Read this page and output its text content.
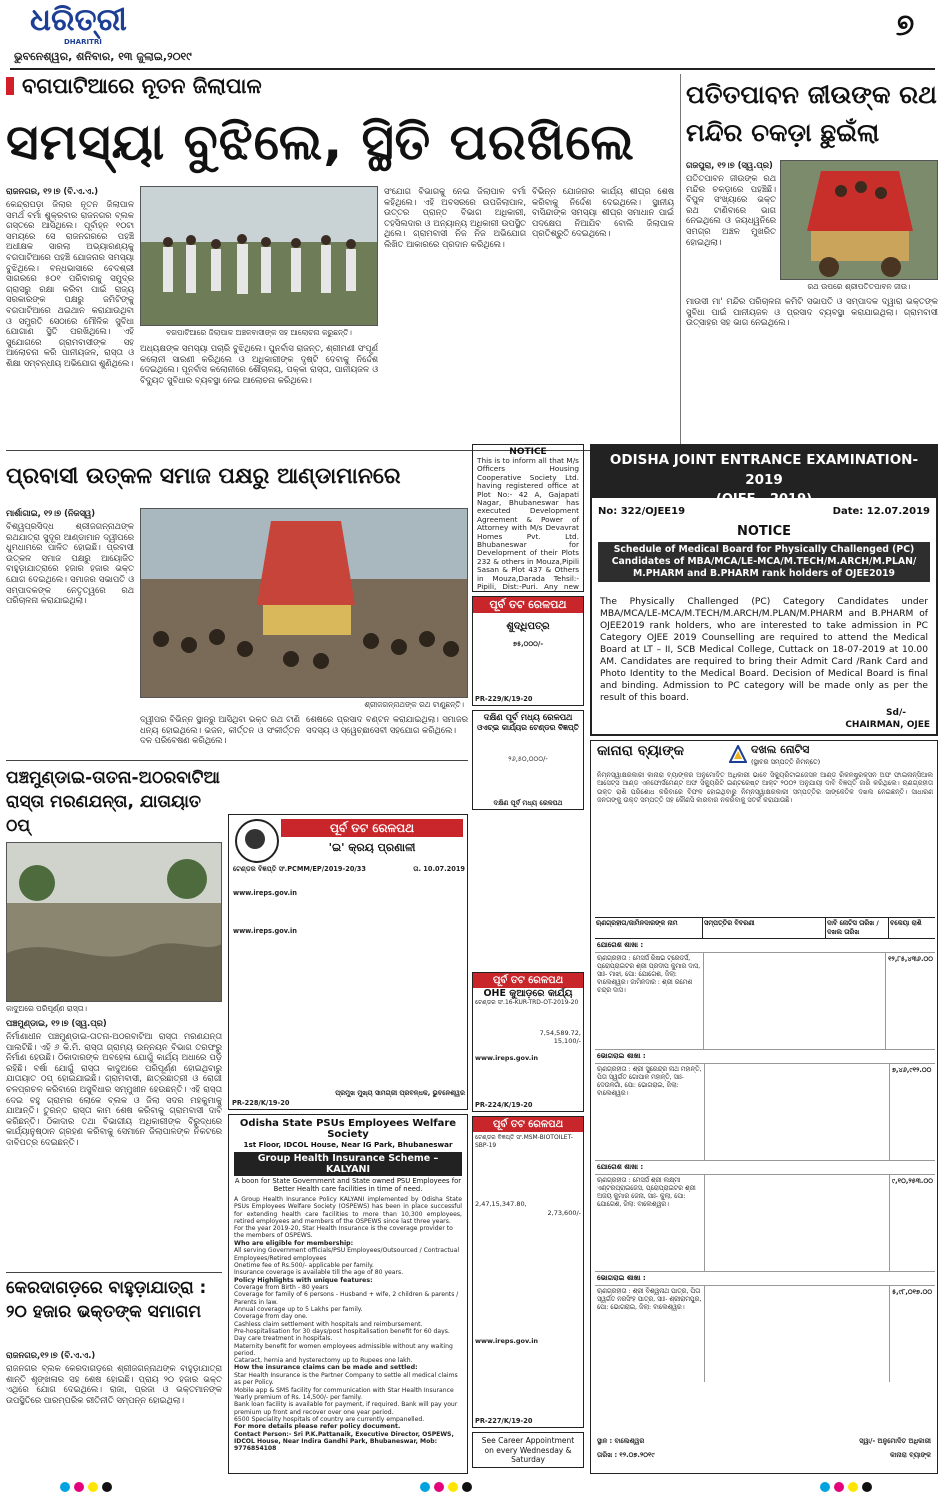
ଧରିତ୍ରୀ
DHARITRI
ଭୁବନେଶ୍ୱର, ଶନିବାର, ୧୩ ଜୁଲାଇ,୨୦୧୯
୭
ବଗପାଟିଆରେ ନୂତନ ଜିଲାପାଳ
ସମସ୍ୟା ବୁଝିଲେ, ସ୍ଥିତି ପରଖିଲେ
ରାଜନଗର, ୧୨।୭ (ବି.ଏ.ଏ.)
କେନ୍ଦ୍ରାପଡ଼ା ଜିଲାର ନୂତନ ଜିଲାପାଳ ସମର୍ଥ ବର୍ମା ଶୁକ୍ରବାର ରାଜନଗର ବ୍ଲକ ଗସ୍ତରେ ଆସିଥିଲେ। ପୂର୍ବାହ୍ନ ୧୦ଟା ସମୟରେ ସେ ରାଜନଗରରେ ପହଞ୍ଚି ଅଧୀକ୍ଷକ ସାରଲା ଅଭ୍ୟାରଣ୍ୟକୁ ବଗପାଟିଆରେ ପହଞ୍ଚି ଯୋଜନାର ସମସ୍ୟା ବୁଝିଥିଲେ। ବନ୍ଧଭାସାରେ ବେଦଶ୍ରୀ ସାଗରରେ ୫୦୧ ପରିବାରକୁ ସମୁଦ୍ର ଗ୍ରାସରୁ ରକ୍ଷା କରିବା ପାଇଁ ରାଜ୍ୟ ସରକାରଙ୍କ ପକ୍ଷରୁ ଜମିଟିଙ୍କୁ ବଗପାଟିଆରେ ଥଇଥାନ କରାଯାଉଥିବା ଓ ସମ୍ପ୍ରତି ସେଠାରେ ମୌଳିକ ସୁବିଧା ଯୋଗାଣ ସ୍ଥିତି ପରଖିଥିଲେ। ଏହି ସୁଯୋଗରେ ଗ୍ରାମବାସୀଙ୍କ ସହ ଆଲୋଚନା କରି ପାନୀୟଜଳ, ରାସ୍ତା ଓ ଶିକ୍ଷା ସମ୍ବନ୍ଧୀୟ ଅଭିଯୋଗ ଶୁଣିଥିଲେ।
ବଗପାଟିଆରେ ଜିଲାପାଳ ଅଞ୍ଚଳବାସୀଙ୍କ ସହ ଆଲୋଚନା କରୁଛନ୍ତି।
ଅଧ୍ୟକ୍ଷଙ୍କ ସମସ୍ୟା ପଚାରି ବୁଝିଥିଲେ। ପୁନର୍ବାସ ରାଜନ୍ତ, ଶ୍ରୀମଣୀ ସଂପୂର୍ଣ କଲୋନୀ ସାରଣୀ କରିଥିଲେ ଓ ଅଧିକାରୀଙ୍କ ଦୃଷ୍ଟି ଦେବାକୁ ନିର୍ଦ୍ଦେଶ ଦେଇଥିଲେ। ପୂନର୍ବାସ କଲୋନୀରେ ଶୌଚାଳୟ, ପକ୍କା ରାସ୍ତା, ପାନୀୟଜଳ ଓ ବିଦ୍ୟୁତ ସୁବିଧାର ବ୍ୟବସ୍ଥା ନେଇ ଆଲୋଚନା କରିଥିଲେ।
ସଂଯୋଗ ବିଭାଗକୁ ନେଇ ଜିଲାପାଳ ବର୍ମା କହିଥିଲେ। ଏହି ଅବସରରେ ଉପଜିଲାପାଳ, ଉତ୍ତର ପ୍ରାନ୍ତ ବିଭାଗ ଅଧିକାରୀ, ତହସିଲଦାର ଓ ଅନ୍ୟାନ୍ୟ ଅଧିକାରୀ ଉପସ୍ଥିତ ଥିଲେ। ଗ୍ରାମବାସୀ ନିଜ ନିଜ ଅଭିଯୋଗ ଲିଖିତ ଆକାରରେ ପ୍ରଦାନ କରିଥିଲେ।
ବିଭିନ୍ନ ଯୋଜନାର କାର୍ଯ୍ୟ ଶୀଘ୍ର ଶେଷ କରିବାକୁ ନିର୍ଦ୍ଦେଶ ଦେଇଥିଲେ। ସ୍ଥାନୀୟ ବାସିନ୍ଦାଙ୍କ ସମସ୍ୟା ଶୀଘ୍ର ସମାଧାନ ପାଇଁ ପଦକ୍ଷେପ ନିଆଯିବ ବୋଲି ଜିଲାପାଳ ପ୍ରତିଶ୍ରୁତି ଦେଇଥିଲେ।
ପତିତପାବନ ଜୀଉଙ୍କ ରଥ ମନ୍ଦିର ଚକଡ଼ା ଛୁଇଁଲା
ଗଜପୁରା, ୧୨।୭ (ସ୍ୱ.ପ୍ର)
ପତିତପାବନ ଜୀଉଙ୍କ ରଥ ମନ୍ଦିର ଚକଡ଼ାରେ ପହଞ୍ଚିଛି। ବିପୁଳ ସଂଖ୍ୟାରେ ଭକ୍ତ ରଥ ଟାଣିବାରେ ଭାଗ ନେଇଥିଲେ ଓ ଜୟଧ୍ୱନିରେ ସମଗ୍ର ଅଞ୍ଚଳ ମୁଖରିତ ହୋଇଥିଲା।
ରଥ ଉପରେ ଶ୍ରୀପତିତପାବନ ଜୀଉ।
ମାଉସୀ ମା' ମନ୍ଦିର ପରିଚାଳନା କମିଟି ସଭାପତି ଓ ସମ୍ପାଦକ ଦ୍ୱାରା ଭକ୍ତଙ୍କ ସୁବିଧା ପାଇଁ ପାନୀୟଜଳ ଓ ପ୍ରସାଦ ବ୍ୟବସ୍ଥା କରାଯାଇଥିଲା। ଗ୍ରାମବାସୀ ଉତ୍ସାହର ସହ ଭାଗ ନେଇଥିଲେ।
ପ୍ରବାସୀ ଉତ୍କଳ ସମାଜ ପକ୍ଷରୁ ଆଣ୍ଡାମାନରେ
ମାର୍ଶାଗାଇ, ୧୨।୭ (ନିଜସ୍ୱ)
ବିଶ୍ୱପ୍ରସିଦ୍ଧ ଶ୍ରୀଜଗନ୍ନାଥଙ୍କ ରଥଯାତ୍ରା ସୁଦୂର ଆଣ୍ଡାମାନ ଦ୍ୱୀପରେ ଧୁମଧାମରେ ପାଳିତ ହୋଇଛି। ପ୍ରବାସୀ ଉତ୍କଳ ସମାଜ ପକ୍ଷରୁ ଆୟୋଜିତ ବାହୁଡ଼ାଯାତ୍ରାରେ ହଜାର ହଜାର ଭକ୍ତ ଯୋଗ ଦେଇଥିଲେ। ସମାଜର ସଭାପତି ଓ ସମ୍ପାଦକଙ୍କ ନେତୃତ୍ୱରେ ରଥ ପରିଚାଳନା କରାଯାଇଥିଲା।
ଶ୍ରୀଜଗନ୍ନାଥଙ୍କ ରଥ ଟାଣୁଛନ୍ତି।
ଦ୍ୱୀପର ବିଭିନ୍ନ ସ୍ଥାନରୁ ଆସିଥିବା ଭକ୍ତ ରଥ ଟାଣି ଧନ୍ୟ ହୋଇଥିଲେ। ଭଜନ, କୀର୍ତ୍ତନ ଓ ସଂକୀର୍ତ୍ତନ ଦଳ ପରିବେଷଣ କରିଥିଲେ।
ଶେଷରେ ପ୍ରସାଦ ବଣ୍ଟନ କରାଯାଇଥିଲା। ସମାଜର ସଦସ୍ୟ ଓ ସ୍ୱେଚ୍ଛାସେବୀ ସହଯୋଗ କରିଥିଲେ।
ପଞ୍ଚମୁଣ୍ଡାଇ-ତାତନା-ଅଠରବାଟିଆ ରାସ୍ତା ମରଣଯନ୍ତା, ଯାତାୟାତ ଠପ୍
କାଦୁଅରେ ପରିପୂର୍ଣ୍ଣ ରାସ୍ତା।
ପଞ୍ଚମୁଣ୍ଡାଇ, ୧୨।୭ (ସ୍ୱ.ପ୍ର)
ନିର୍ମାଣାଧୀନ ପଞ୍ଚମୁଣ୍ଡାଇ-ତାତନା-ଅଠରବାଟିଆ ରାସ୍ତା ମରଣଯନ୍ତା ପାଲଟିଛି। ଏହି ୬ କି.ମି. ରାସ୍ତା ଗ୍ରାମ୍ୟ ଉନ୍ନୟନ ବିଭାଗ ତରଫରୁ ନିର୍ମାଣ ହେଉଛି। ଠିକାଦାରଙ୍କ ଅବହେଳା ଯୋଗୁଁ କାର୍ଯ୍ୟ ଅଧାରେ ପଡ଼ି ରହିଛି। ବର୍ଷା ଯୋଗୁଁ ରାସ୍ତା କାଦୁଅରେ ପରିପୂର୍ଣ୍ଣ ହୋଇଥିବାରୁ ଯାତାୟାତ ଠପ୍ ହୋଇଯାଇଛି। ଗ୍ରାମବାସୀ, ଛାତ୍ରଛାତ୍ରୀ ଓ ରୋଗୀ ଚଳପ୍ରଚଳ କରିବାରେ ଅସୁବିଧାର ସମ୍ମୁଖୀନ ହେଉଛନ୍ତି। ଏହି ରାସ୍ତା ଦେଇ ବହୁ ଗ୍ରାମର ଲୋକେ ବ୍ଲକ ଓ ଜିଲା ସଦର ମହକୁମାକୁ ଯାଆନ୍ତି। ତୁରନ୍ତ ରାସ୍ତା କାମ ଶେଷ କରିବାକୁ ଗ୍ରାମବାସୀ ଦାବି କରିଛନ୍ତି। ଠିକାଦାର ତଥା ବିଭାଗୀୟ ଅଧିକାରୀଙ୍କ ବିରୁଦ୍ଧରେ କାର୍ଯ୍ୟାନୁଷ୍ଠାନ ଗ୍ରହଣ କରିବାକୁ ସେମାନେ ଜିଲାପାଳଙ୍କ ନିକଟରେ ଦାବିପତ୍ର ଦେଇଛନ୍ତି।
କେରଦାଗଡ଼ରେ ବାହୁଡ଼ାଯାତ୍ରା : ୨୦ ହଜାର ଭକ୍ତଙ୍କ ସମାଗମ
ରାଜନଗର,୧୨।୭ (ବି.ଏ.ଏ.)
ରାଜନଗର ବ୍ଲକ କେରଦାଗଡ଼ରେ ଶ୍ରୀଜଗନ୍ନାଥଙ୍କ ବାହୁଡ଼ାଯାତ୍ରା ଶାନ୍ତି ଶୃଙ୍ଖଳାର ସହ ଶେଷ ହୋଇଛି। ପ୍ରାୟ ୨୦ ହଜାର ଭକ୍ତ ଏଥିରେ ଯୋଗ ଦେଇଥିଲେ। ରାଜା, ପ୍ରଜା ଓ ଭକ୍ତମାନଙ୍କ ଉପସ୍ଥିତିରେ ପାରମ୍ପରିକ ରୀତିନୀତି ସମ୍ପନ୍ନ ହୋଇଥିଲା।
NOTICE
This is to inform all that M/s Officers Housing Cooperative Society Ltd. having registered office at Plot No:- 42 A, Gajapati Nagar, Bhubaneswar has executed Development Agreement & Power of Attorney with M/s Devavrat Homes Pvt. Ltd. Bhubaneswar for Development of their Plots 232 & others in Mouza,Pipili Sasan & Plot 437 & Others in Mouza,Darada Tehsil:- Pipili, Dist:-Puri. Any new
ପୂର୍ବ ତଟ ରେଳପଥ
ଶୁଦ୍ଧିପତ୍ର
୭୫,୦୦୦/-
PR-229/K/19-20
ଦକ୍ଷିଣ ପୂର୍ବ ମଧ୍ୟ ରେଳପଥ
ଓଏଚ୍‌ଇ କାର୍ଯ୍ୟର ଟେଣ୍ଡର ବିଜ୍ଞପ୍ତି
୨୬,୫୦,୦୦୦/-
ଦକ୍ଷିଣ ପୂର୍ବ ମଧ୍ୟ ରେଳପଥ
ପୂର୍ବ ତଟ ରେଳପଥ
'ଇ' କ୍ରୟ ପ୍ରଣାଳୀ
ଟେଣ୍ଡର ବିଜ୍ଞପ୍ତି ସଂ.PCMM/EP/2019-20/33	ତା. 10.07.2019
www.ireps.gov.in
www.ireps.gov.in
ପ୍ରମୁଖ ମୁଖ୍ୟ ସାମଗ୍ରୀ ପ୍ରବନ୍ଧକ, ଭୁବନେଶ୍ୱର
PR-228/K/19-20
ପୂର୍ବ ତଟ ରେଳପଥ
OHE କୁଆଡ଼ରେ କାର୍ଯ୍ୟ
ଟେଣ୍ଡର ସଂ.16-KUR-TRD-OT-2019-20
7,54,589.72,
15,100/-
www.ireps.gov.in
PR-224/K/19-20
ପୂର୍ବ ତଟ ରେଳପଥ
ଟେଣ୍ଡର ବିଜ୍ଞପ୍ତି ସଂ.MSM-BIOTOILET-SBP-19
2,47,15,347.80,
2,73,600/-
www.ireps.gov.in
PR-227/K/19-20
See Career Appointment on every Wednesday & Saturday
Odisha State PSUs Employees Welfare Society
1st Floor, IDCOL House, Near IG Park, Bhubaneswar
Group Health Insurance Scheme – KALYANI
A boon for State Government and State owned PSU Employees for Better Health care facilities in time of need.
A Group Health Insurance Policy KALYANI implemented by Odisha State PSUs Employees Welfare Society (OSPEWS) has been in place successful for extending health care facilities to more than 10,300 employees, retired employees and members of the OSPEWS since last three years.
For the year 2019-20, Star Health Insurance is the coverage provider to the members of OSPEWS.
Who are eligible for membership:
All serving Government officials/PSU Employees/Outsourced / Contractual Employees/Retired employees
Onetime fee of Rs.500/- applicable per family.
Insurance coverage is available till the age of 80 years.
Policy Highlights with unique features:
Coverage from Birth - 80 years
Coverage for family of 6 persons - Husband + wife, 2 children & parents / Parents in law.
Annual coverage up to 5 Lakhs per family.
Coverage from day one.
Cashless claim settlement with hospitals and reimbursement.
Pre-hospitalisation for 30 days/post hospitalisation benefit for 60 days.
Day care treatment in hospitals.
Maternity benefit for women employees admissible without any waiting period.
Cataract, hernia and hysterectomy up to Rupees one lakh.
How the insurance claims can be made and settled:
Star Health Insurance is the Partner Company to settle all medical claims as per Policy.
Mobile app & SMS facility for communication with Star Health Insurance
Yearly premium of Rs. 14,500/- per family.
Bank loan facility is available for payment, if required. Bank will pay your premium up front and recover over one year period.
6500 Speciality hospitals of country are currently empanelled.
For more details please refer policy document.
Contact Person:- Sri P.K.Pattanaik, Executive Director, OSPEWS, IDCOL House, Near Indira Gandhi Park, Bhubaneswar, Mob: 9776854108
ODISHA JOINT ENTRANCE EXAMINATION-2019
(OJEE - 2019)
No: 322/OJEE19	Date: 12.07.2019
NOTICE
Schedule of Medical Board for Physically Challenged (PC) Candidates of MBA/MCA/LE-MCA/M.TECH/M.ARCH/M.PLAN/ M.PHARM and B.PHARM rank holders of OJEE2019
The Physically Challenged (PC) Category Candidates under MBA/MCA/LE-MCA/M.TECH/M.ARCH/M.PLAN/M.PHARM and B.PHARM of OJEE2019 rank holders, who are interested to take admission in PC Category OJEE 2019 Counselling are required to attend the Medical Board at LT – II, SCB Medical College, Cuttack on 18-07-2019 at 10.00 AM. Candidates are required to bring their Admit Card /Rank Card and Photo Identity to the Medical Board. Decision of Medical Board is final and binding. Admission to PC category will be made only as per the result of this board.
Sd/-
CHAIRMAN, OJEE
କାନାରା ବ୍ୟାଙ୍କ	ଦଖଲ ନୋଟିସ
(ସ୍ଥାବର ସମ୍ପତ୍ତି ନିମନ୍ତେ)
ନିମ୍ନସ୍ୱାକ୍ଷରକାରୀ କାନାରା ବ୍ୟାଙ୍କର ଅନୁମୋଦିତ ଅଧିକାରୀ ଭାବେ ସିକ୍ୟୁରିଟାଇଜେସନ ଆଣ୍ଡ ରିକନଷ୍ଟ୍ରକ୍ସନ ଅଫ ଫାଇନାନ୍ସିଆଲ ଆସେଟ୍ସ ଆଣ୍ଡ ଏନଫୋର୍ସମେଣ୍ଟ ଅଫ ସିକ୍ୟୁରିଟି ଇଣ୍ଟରେଷ୍ଟ ଆକ୍ଟ ୨୦୦୨ ଅନୁଯାୟୀ ଦାବି ବିଜ୍ଞପ୍ତି ଜାରି କରିଥିଲେ। ଋଣଗ୍ରହୀତା ଉକ୍ତ ରାଶି ପରିଶୋଧ କରିବାରେ ବିଫଳ ହୋଇଥିବାରୁ ନିମ୍ନସ୍ୱାକ୍ଷରକାରୀ ସମ୍ପତ୍ତିର ସାଙ୍କେତିକ ଦଖଲ ନେଇଛନ୍ତି। ସାଧାରଣ ଜନତାଙ୍କୁ ଉକ୍ତ ସମ୍ପତ୍ତି ସହ କୌଣସି କାରବାର ନକରିବାକୁ ସତର୍କ କରାଯାଉଛି।
ଋଣଗ୍ରହୀତା/ଜାମିନଦାରଙ୍କ ନାମ	ସମ୍ପତ୍ତିର ବିବରଣୀ	ଦାବି ନୋଟିସ ତାରିଖ / ଦଖଲ ତାରିଖ
ବକେୟା ରାଶି
ଯୋଗେଶ ଶାଖା :
ଋଣଗ୍ରହୀତା : ମେସର୍ସ ରିଷଭ ଟ୍ରେଡର୍ସ, ପ୍ରୋପ୍ରାଇଟର ଶ୍ରୀ ପ୍ରଦୀପ କୁମାର ଦାସ, ସାଃ- ମାଝୀ, ପୋ: ଯୋଗେଶ, ଜିଲା: ବାଲେଶ୍ୱର। ଜାମିନଦାର : ଶ୍ରୀ ରମେଶ ଚନ୍ଦ୍ର ଦାସ।
୧୨,୮୫,୪୩୬.୦୦
ଭୋଗରାଇ ଶାଖା :
ଋଣଗ୍ରହୀତା : ଶ୍ରୀ ସୁରେନ୍ଦ୍ର ନାଥ ମହାନ୍ତି, ପିତା ସ୍ୱର୍ଗତ ଗୋପାଳ ମହାନ୍ତି, ସାଃ- ଦେଉଳଗାଁ, ପୋ: ଭୋଗରାଇ, ଜିଲା: ବାଲେଶ୍ୱର।
୭,୪୬,୯୧୨.୦୦
ଯୋଗେଶ ଶାଖା :
ଋଣଗ୍ରହୀତା : ମେସର୍ସ ଶ୍ରୀ ଲକ୍ଷ୍ମୀ ଏଣ୍ଟରପ୍ରାଇଜେସ, ପ୍ରୋପ୍ରାଇଟର ଶ୍ରୀ ଅଜୟ କୁମାର ଜେନା, ସାଃ- କୁଲା, ପୋ: ଯୋଗେଶ, ଜିଲା: ବାଲେଶ୍ୱର।
୯,୧୦,୨୫୩.୦୦
ଭୋଗରାଇ ଶାଖା :
ଋଣଗ୍ରହୀତା : ଶ୍ରୀ ବିଶ୍ୱନାଥ ପାତ୍ର, ପିତା ସ୍ୱର୍ଗତ ନରସିଂହ ପାତ୍ର, ସାଃ- ଶ୍ରୀରାମପୁର, ପୋ: ଭୋଗରାଇ, ଜିଲା: ବାଲେଶ୍ୱର।
୫,୯୮,୦୧୭.୦୦
ସ୍ଥାନ : ବାଲେଶ୍ୱର
ତାରିଖ : ୧୨.୦୭.୨୦୧୯
ସ୍ୱା/- ଅନୁମୋଦିତ ଅଧିକାରୀ
କାନାରା ବ୍ୟାଙ୍କ
